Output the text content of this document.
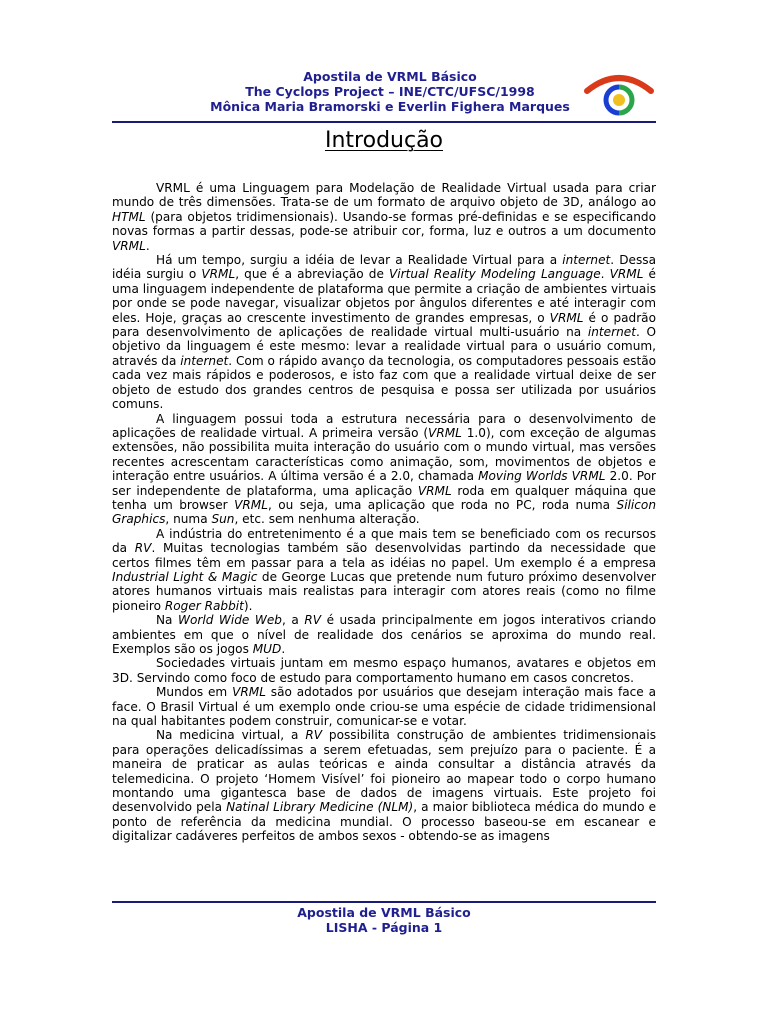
Apostila de VRML Básico
The Cyclops Project – INE/CTC/UFSC/1998
Mônica Maria Bramorski e Everlin Fighera Marques
Introdução

VRML é uma Linguagem para Modelação de Realidade Virtual usada para criar mundo de três dimensões. Trata-se de um formato de arquivo objeto de 3D, análogo ao HTML (para objetos tridimensionais). Usando-se formas pré-definidas e se especificando novas formas a partir dessas, pode-se atribuir cor, forma, luz e outros a um documento VRML.

Há um tempo, surgiu a idéia de levar a Realidade Virtual para a internet. Dessa idéia surgiu o VRML, que é a abreviação de Virtual Reality Modeling Language. VRML é uma linguagem independente de plataforma que permite a criação de ambientes virtuais por onde se pode navegar, visualizar objetos por ângulos diferentes e até interagir com eles. Hoje, graças ao crescente investimento de grandes empresas, o VRML é o padrão para desenvolvimento de aplicações de realidade virtual multi-usuário na internet. O objetivo da linguagem é este mesmo: levar a realidade virtual para o usuário comum, através da internet. Com o rápido avanço da tecnologia, os computadores pessoais estão cada vez mais rápidos e poderosos, e isto faz com que a realidade virtual deixe de ser objeto de estudo dos grandes centros de pesquisa e possa ser utilizada por usuários comuns.

A linguagem possui toda a estrutura necessária para o desenvolvimento de aplicações de realidade virtual. A primeira versão (VRML 1.0), com exceção de algumas extensões, não possibilita muita interação do usuário com o mundo virtual, mas versões recentes acrescentam características como animação, som, movimentos de objetos e interação entre usuários. A última versão é a 2.0, chamada Moving Worlds VRML 2.0. Por ser independente de plataforma, uma aplicação VRML roda em qualquer máquina que tenha um browser VRML, ou seja, uma aplicação que roda no PC, roda numa Silicon Graphics, numa Sun, etc. sem nenhuma alteração.

A indústria do entretenimento é a que mais tem se beneficiado com os recursos da RV. Muitas tecnologias também são desenvolvidas partindo da necessidade que certos filmes têm em passar para a tela as idéias no papel. Um exemplo é a empresa Industrial Light & Magic de George Lucas que pretende num futuro próximo desenvolver atores humanos virtuais mais realistas para interagir com atores reais (como no filme pioneiro Roger Rabbit).

Na World Wide Web, a RV é usada principalmente em jogos interativos criando ambientes em que o nível de realidade dos cenários se aproxima do mundo real. Exemplos são os jogos MUD.

Sociedades virtuais juntam em mesmo espaço humanos, avatares e objetos em 3D. Servindo como foco de estudo para comportamento humano em casos concretos.

Mundos em VRML são adotados por usuários que desejam interação mais face a face. O Brasil Virtual é um exemplo onde criou-se uma espécie de cidade tridimensional na qual habitantes podem construir, comunicar-se e votar.

Na medicina virtual, a RV possibilita construção de ambientes tridimensionais para operações delicadíssimas a serem efetuadas, sem prejuízo para o paciente. É a maneira de praticar as aulas teóricas e ainda consultar a distância através da telemedicina. O projeto ‘Homem Visível’ foi pioneiro ao mapear todo o corpo humano montando uma gigantesca base de dados de imagens virtuais. Este projeto foi desenvolvido pela Natinal Library Medicine (NLM), a maior biblioteca médica do mundo e ponto de referência da medicina mundial. O processo baseou-se em escanear e digitalizar cadáveres perfeitos de ambos sexos - obtendo-se as imagens

Apostila de VRML Básico
LISHA - Página 1
